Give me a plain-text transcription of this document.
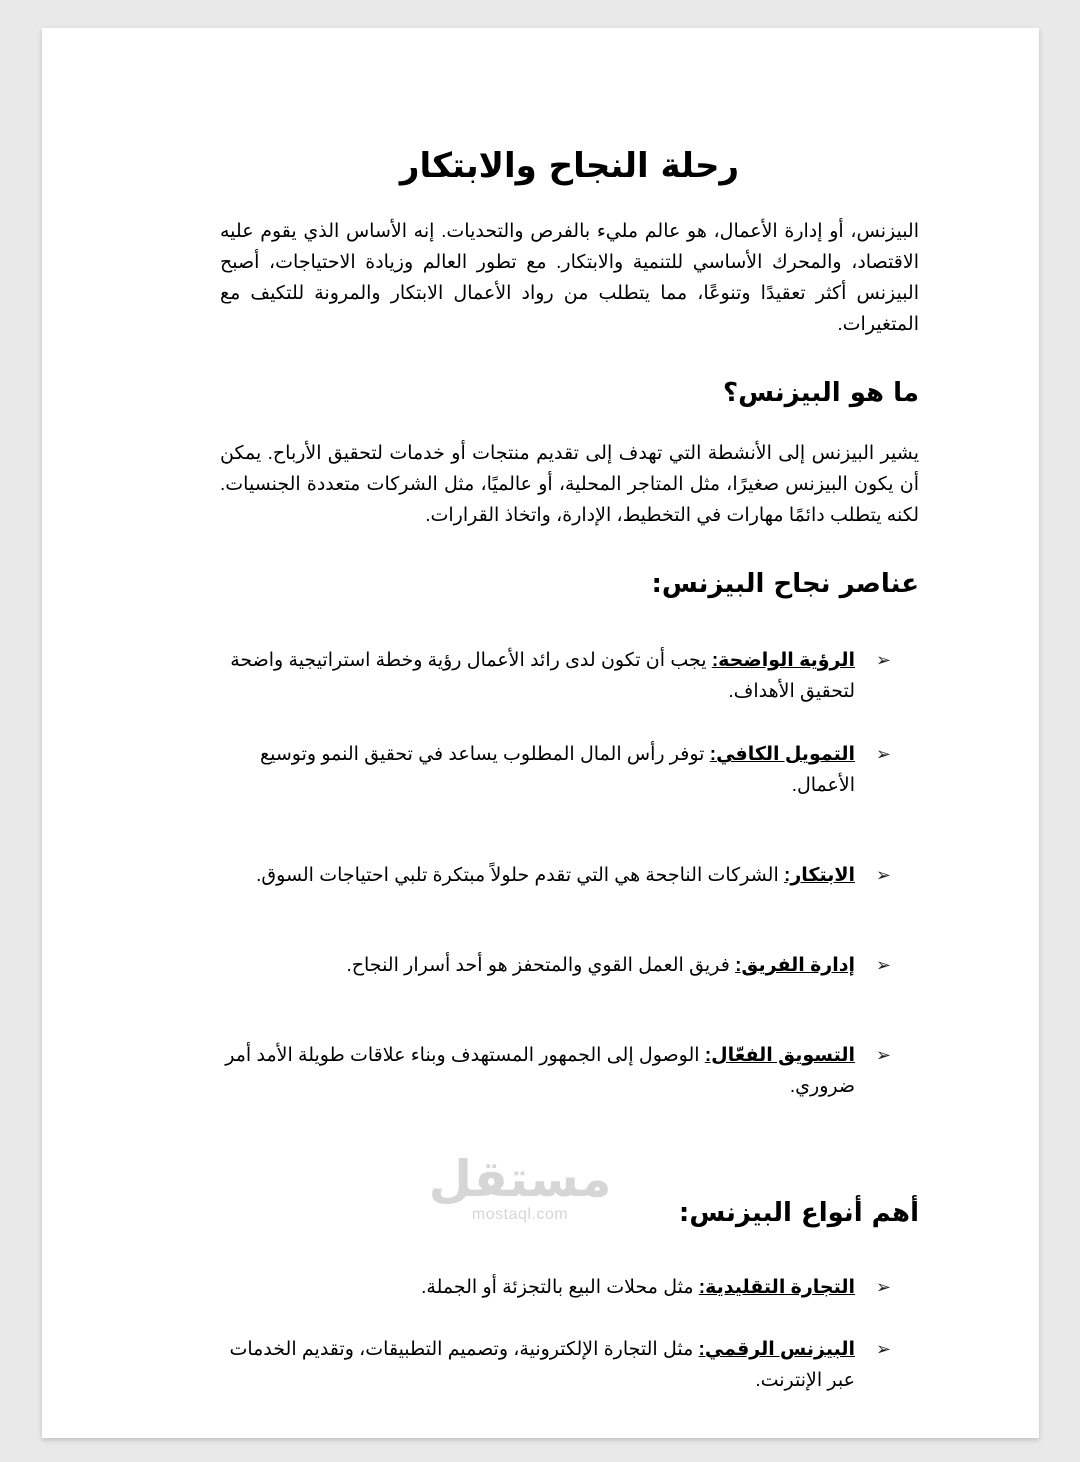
رحلة النجاح والابتكار

البيزنس، أو إدارة الأعمال، هو عالم مليء بالفرص والتحديات. إنه الأساس الذي يقوم عليه الاقتصاد، والمحرك الأساسي للتنمية والابتكار. مع تطور العالم وزيادة الاحتياجات، أصبح البيزنس أكثر تعقيدًا وتنوعًا، مما يتطلب من رواد الأعمال الابتكار والمرونة للتكيف مع المتغيرات.

ما هو البيزنس؟

يشير البيزنس إلى الأنشطة التي تهدف إلى تقديم منتجات أو خدمات لتحقيق الأرباح. يمكن أن يكون البيزنس صغيرًا، مثل المتاجر المحلية، أو عالميًا، مثل الشركات متعددة الجنسيات. لكنه يتطلب دائمًا مهارات في التخطيط، الإدارة، واتخاذ القرارات.

عناصر نجاح البيزنس:
➢
الرؤية الواضحة: يجب أن تكون لدى رائد الأعمال رؤية وخطة استراتيجية واضحة لتحقيق الأهداف.
➢
التمويل الكافي: توفر رأس المال المطلوب يساعد في تحقيق النمو وتوسيع الأعمال.
➢
الابتكار: الشركات الناجحة هي التي تقدم حلولاً مبتكرة تلبي احتياجات السوق.
➢
إدارة الفريق: فريق العمل القوي والمتحفز هو أحد أسرار النجاح.
➢
التسويق الفعّال: الوصول إلى الجمهور المستهدف وبناء علاقات طويلة الأمد أمر ضروري.
أهم أنواع البيزنس:
➢
التجارة التقليدية: مثل محلات البيع بالتجزئة أو الجملة.
➢
البيزنس الرقمي: مثل التجارة الإلكترونية، وتصميم التطبيقات، وتقديم الخدمات عبر الإنترنت.
مستقل
mostaql.com
